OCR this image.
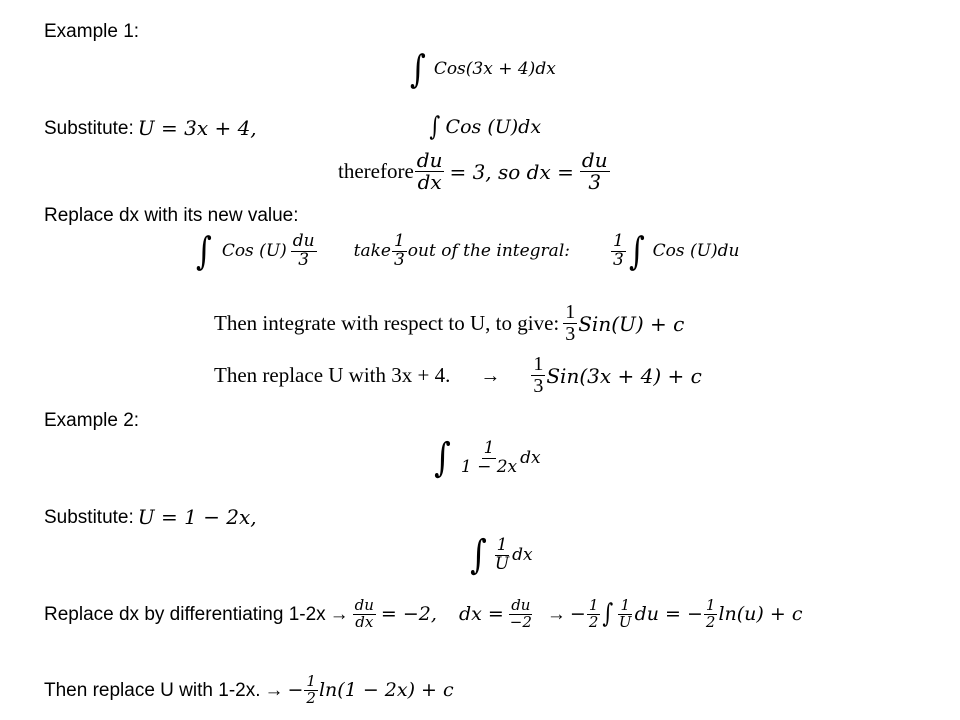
Example 1:
∫ Cos(3x + 4)dx
Substitute: U = 3x + 4,	∫ Cos (U)dx
therefore $\frac{du}{dx} = 3$, so dx = $\frac{du}{3}$
Replace dx with its new value:
∫ Cos $(U) \frac{du}{3}$ take $\frac{1}{3}$ out of the integral: $\frac{1}{3}$ ∫ Cos (U)du
Then integrate with respect to U, to give: $\frac{1}{3} Sin(U) + c$
Then replace U with 3x + 4. → $\frac{1}{3} Sin(3x + 4) + c$
Example 2:
∫ $\frac{1}{1 - 2x}$ dx
Substitute: U = 1 − 2x,
∫ $\frac{1}{U}$ dx
Replace dx by differentiating $1-2x \to \frac{du}{dx} = -2$, dx = $\frac{du}{-2}$ → − $\frac{1}{2}$ ∫ $\frac{1}{U}$ du = − $\frac{1}{2} \ln(u) + c$
Then replace U with 1-2x. → − $\frac{1}{2} \ln(1 - 2x) + c$
